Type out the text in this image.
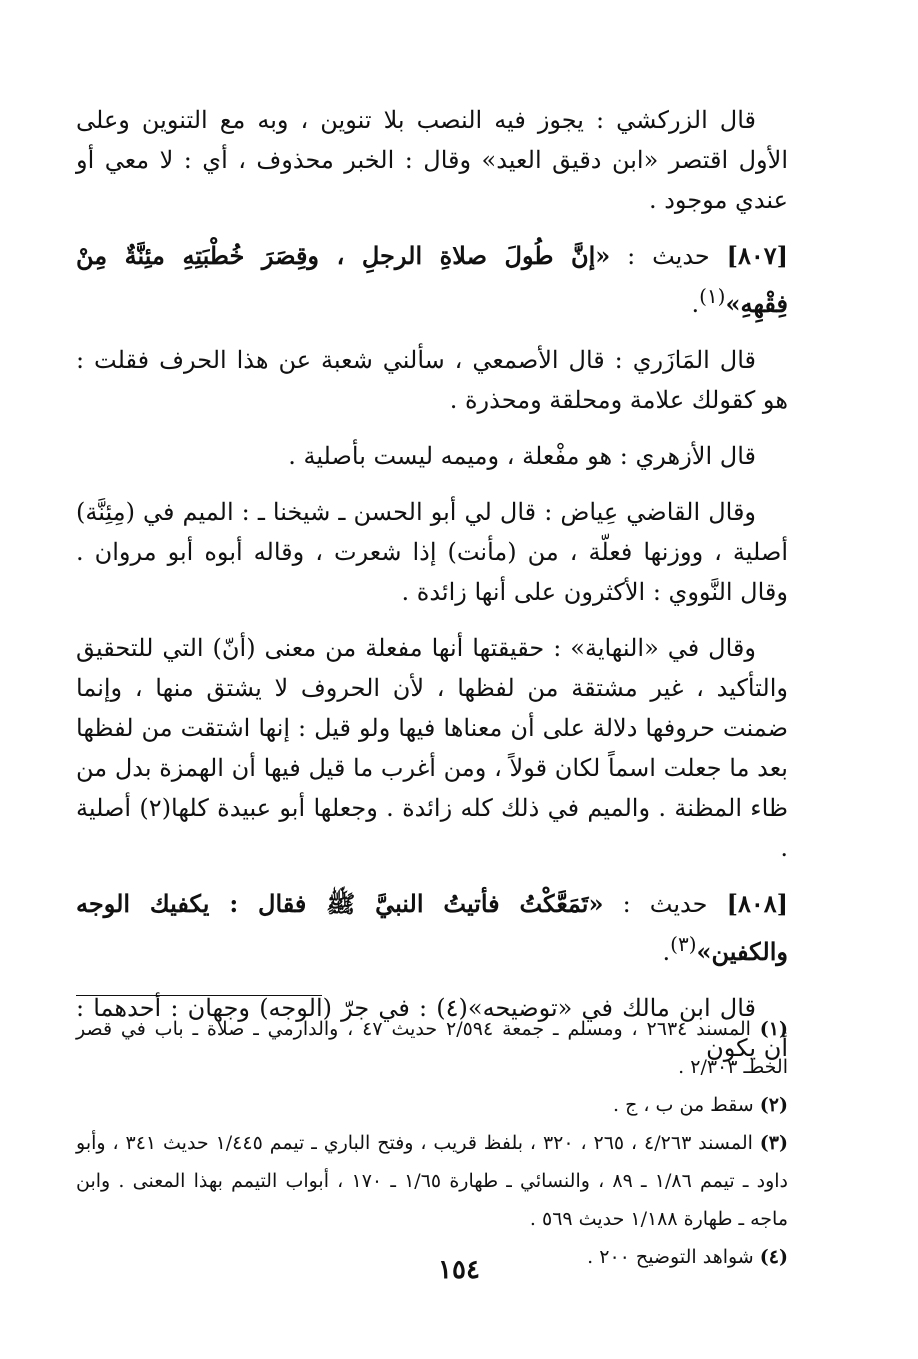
قال الزركشي : يجوز فيه النصب بلا تنوين ، وبه مع التنوين وعلى الأول اقتصر «ابن دقيق العيد» وقال : الخبر محذوف ، أي : لا معي أو عندي موجود .

[٨٠٧] حديث : «إنَّ طُولَ صلاةِ الرجلِ ، وقِصَرَ خُطْبَتِهِ مئِنَّةٌ مِنْ فِقْهِهِ»$^{(١)}$.

قال المَازَري : قال الأصمعي ، سألني شعبة عن هذا الحرف فقلت : هو كقولك علامة ومحلقة ومحذرة .

قال الأزهري : هو مفْعلة ، وميمه ليست بأصلية .

وقال القاضي عِياض : قال لي أبو الحسن ـ شيخنا ـ : الميم في (مِئِنَّة) أصلية ، ووزنها فعلّة ، من (مأنت) إذا شعرت ، وقاله أبوه أبو مروان . وقال النَّووي : الأكثرون على أنها زائدة .

وقال في «النهاية» : حقيقتها أنها مفعلة من معنى (أنّ) التي للتحقيق والتأكيد ، غير مشتقة من لفظها ، لأن الحروف لا يشتق منها ، وإنما ضمنت حروفها دلالة على أن معناها فيها ولو قيل : إنها اشتقت من لفظها بعد ما جعلت اسماً لكان قولاً ، ومن أغرب ما قيل فيها أن الهمزة بدل من ظاء المظنة . والميم في ذلك كله زائدة . وجعلها أبو عبيدة كلها(٢) أصلية .

[٨٠٨] حديث : «تَمَعَّكْتُ فأتيتُ النبيَّ ﷺ فقال : يكفيك الوجه والكفين»$^{(٣)}$.

قال ابن مالك في «توضيحه»(٤) : في جرّ (الوجه) وجهان : أحدهما : أن يكون

(١) المسند ٢٦٣٤ ، ومسلم ـ جمعة ٢/٥٩٤ حديث ٤٧ ، والدارمي ـ صلاة ـ باب في قصر الخطـ ٢/٣٠٣ .

(٢) سقط من ب ، ج .

(٣) المسند ٤/٢٦٣ ، ٢٦٥ ، ٣٢٠ ، بلفظ قريب ، وفتح الباري ـ تيمم ١/٤٤٥ حديث ٣٤١ ، وأبو داود ـ تيمم ١/٨٦ ـ ٨٩ ، والنسائي ـ طهارة ١/٦٥ ـ ١٧٠ ، أبواب التيمم بهذا المعنى . وابن ماجه ـ طهارة ١/١٨٨ حديث ٥٦٩ .

(٤) شواهد التوضيح ٢٠٠ .

١٥٤
